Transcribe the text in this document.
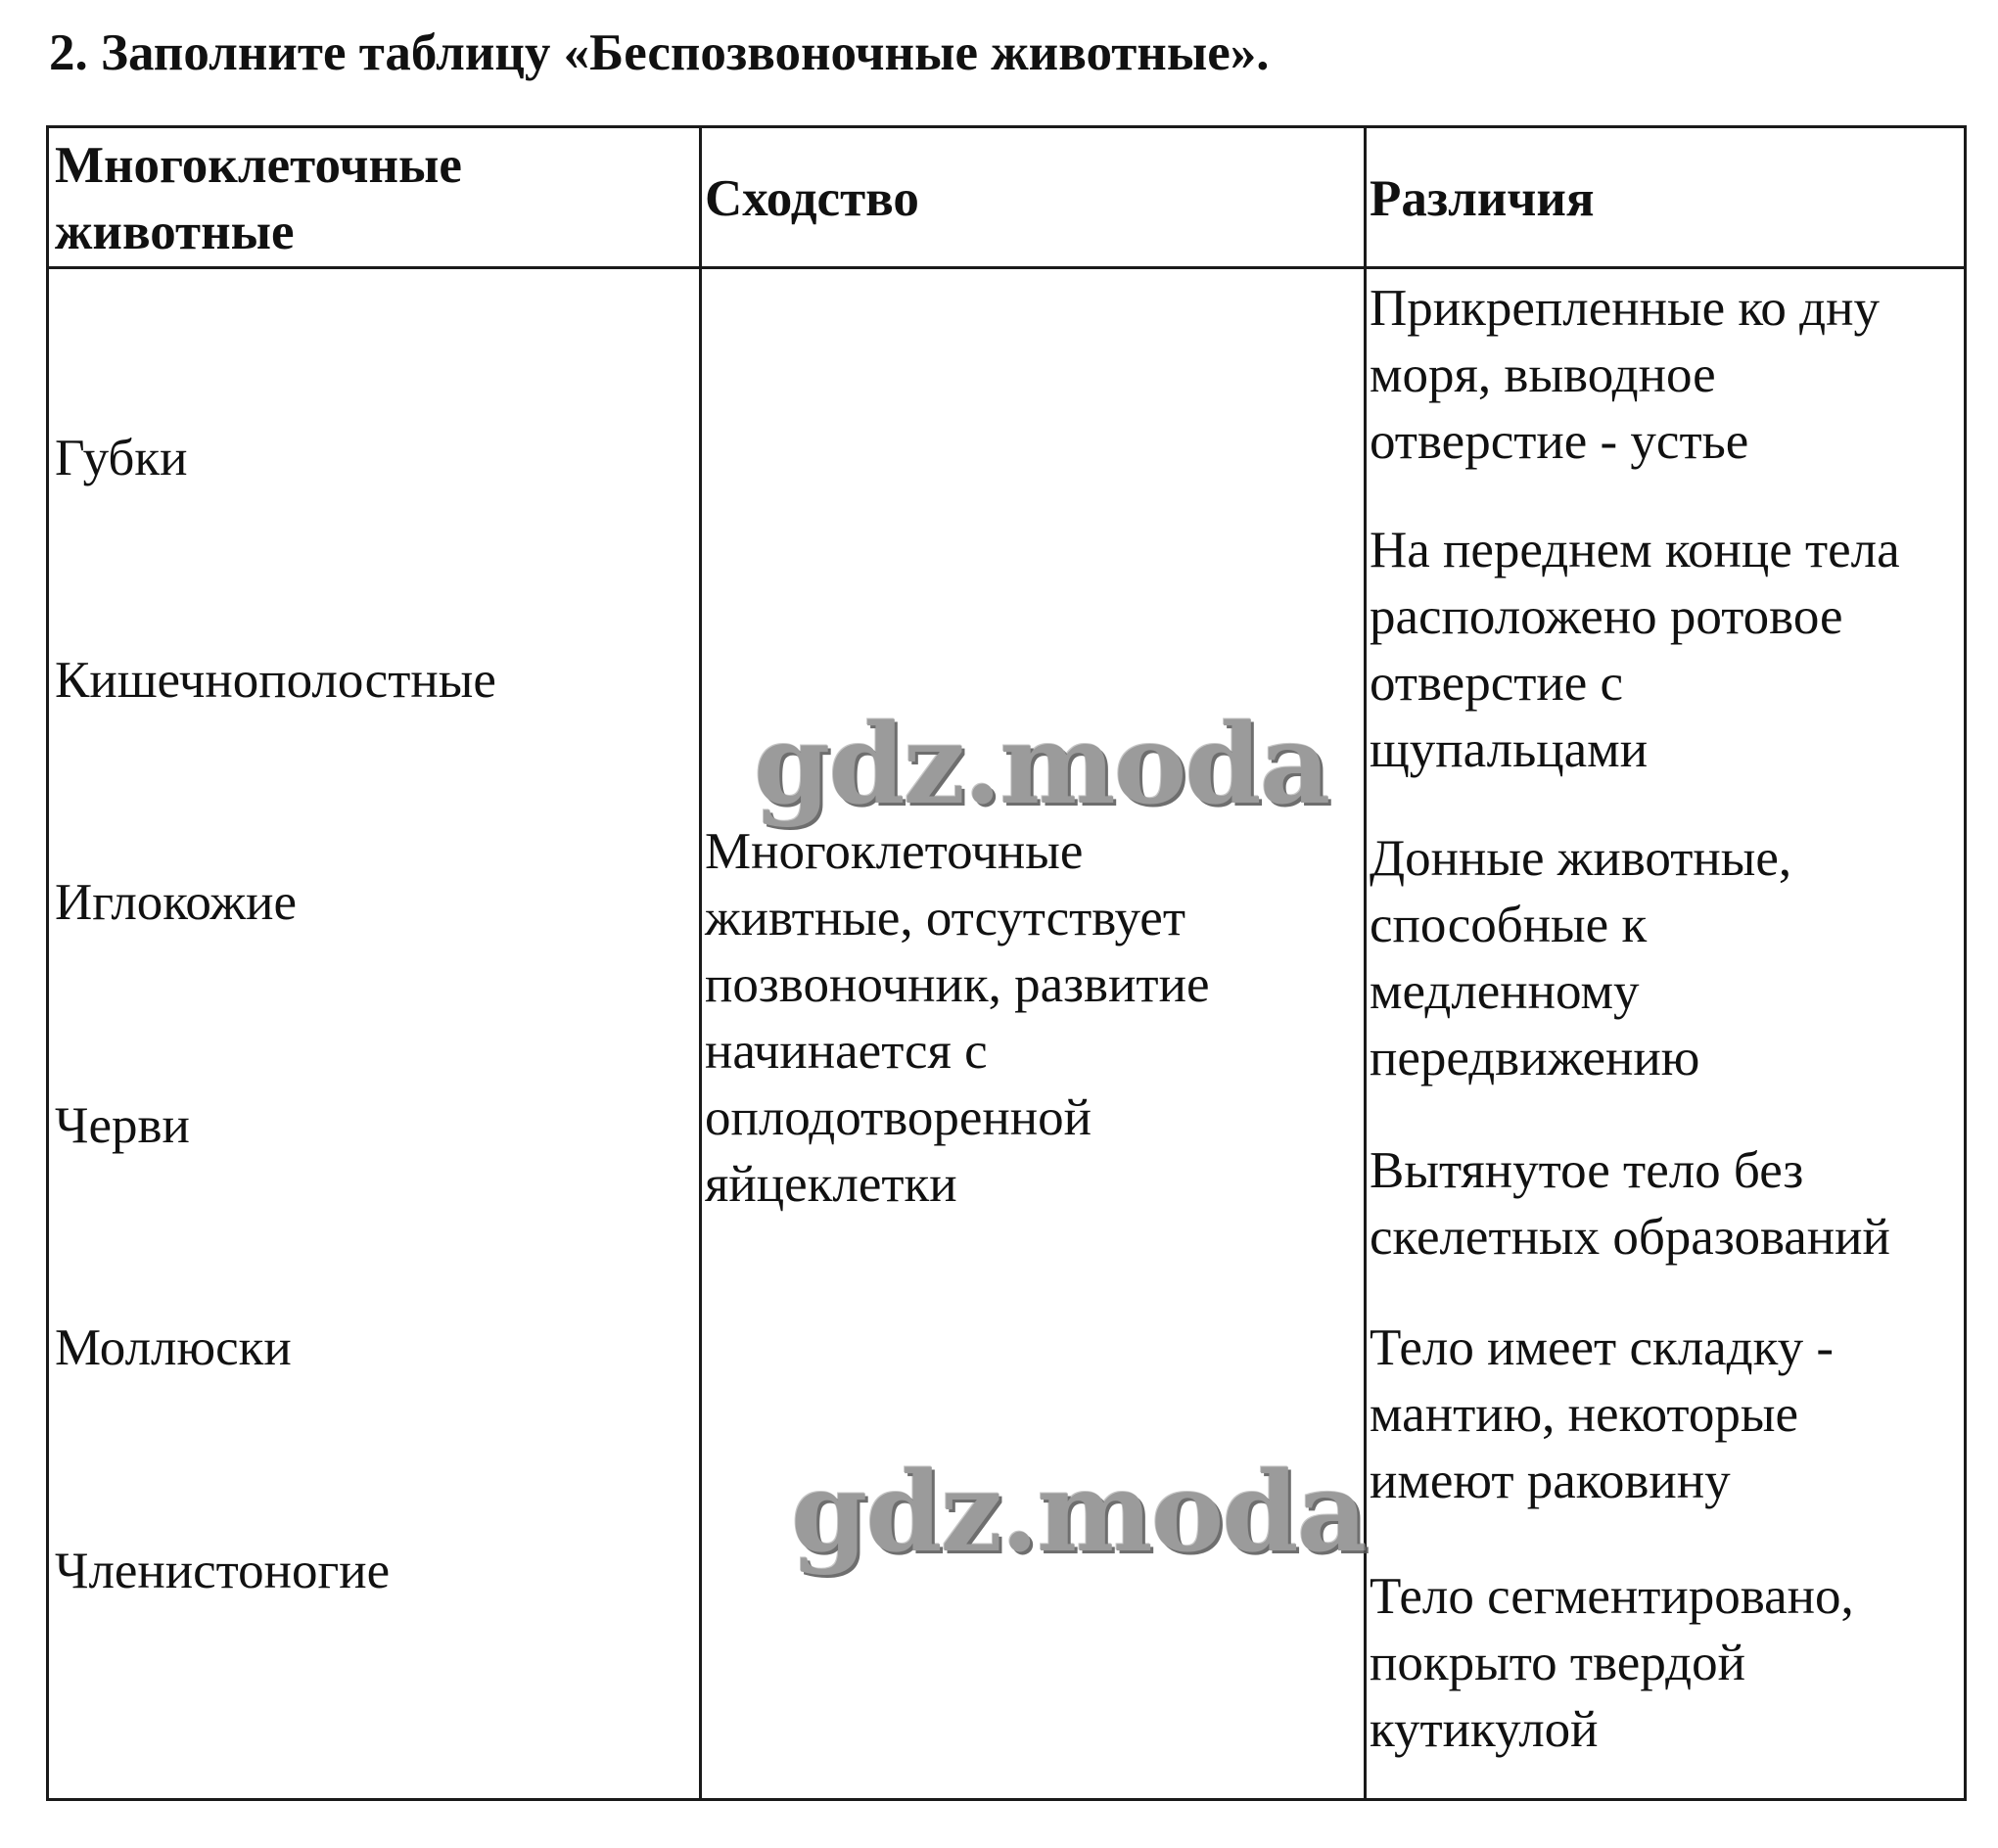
2. Заполните таблицу «Беспозвоночные животные».
Многоклеточные
животные
Сходство	Различия
Губки
Кишечнополостные
Иглокожие
Черви
Моллюски
Членистоногие
Многоклеточные
живтные, отсутствует
позвоночник, развитие
начинается с
оплодотворенной
яйцеклетки
Прикрепленные ко дну
моря, выводное
отверстие - устье
На переднем конце тела
расположено ротовое
отверстие с
щупальцами
Донные животные,
способные к
медленному
передвижению
Вытянутое тело без
скелетных образований
Тело имеет складку -
мантию, некоторые
имеют раковину
Тело сегментировано,
покрыто твердой
кутикулой
gdz.moda
gdz.moda
